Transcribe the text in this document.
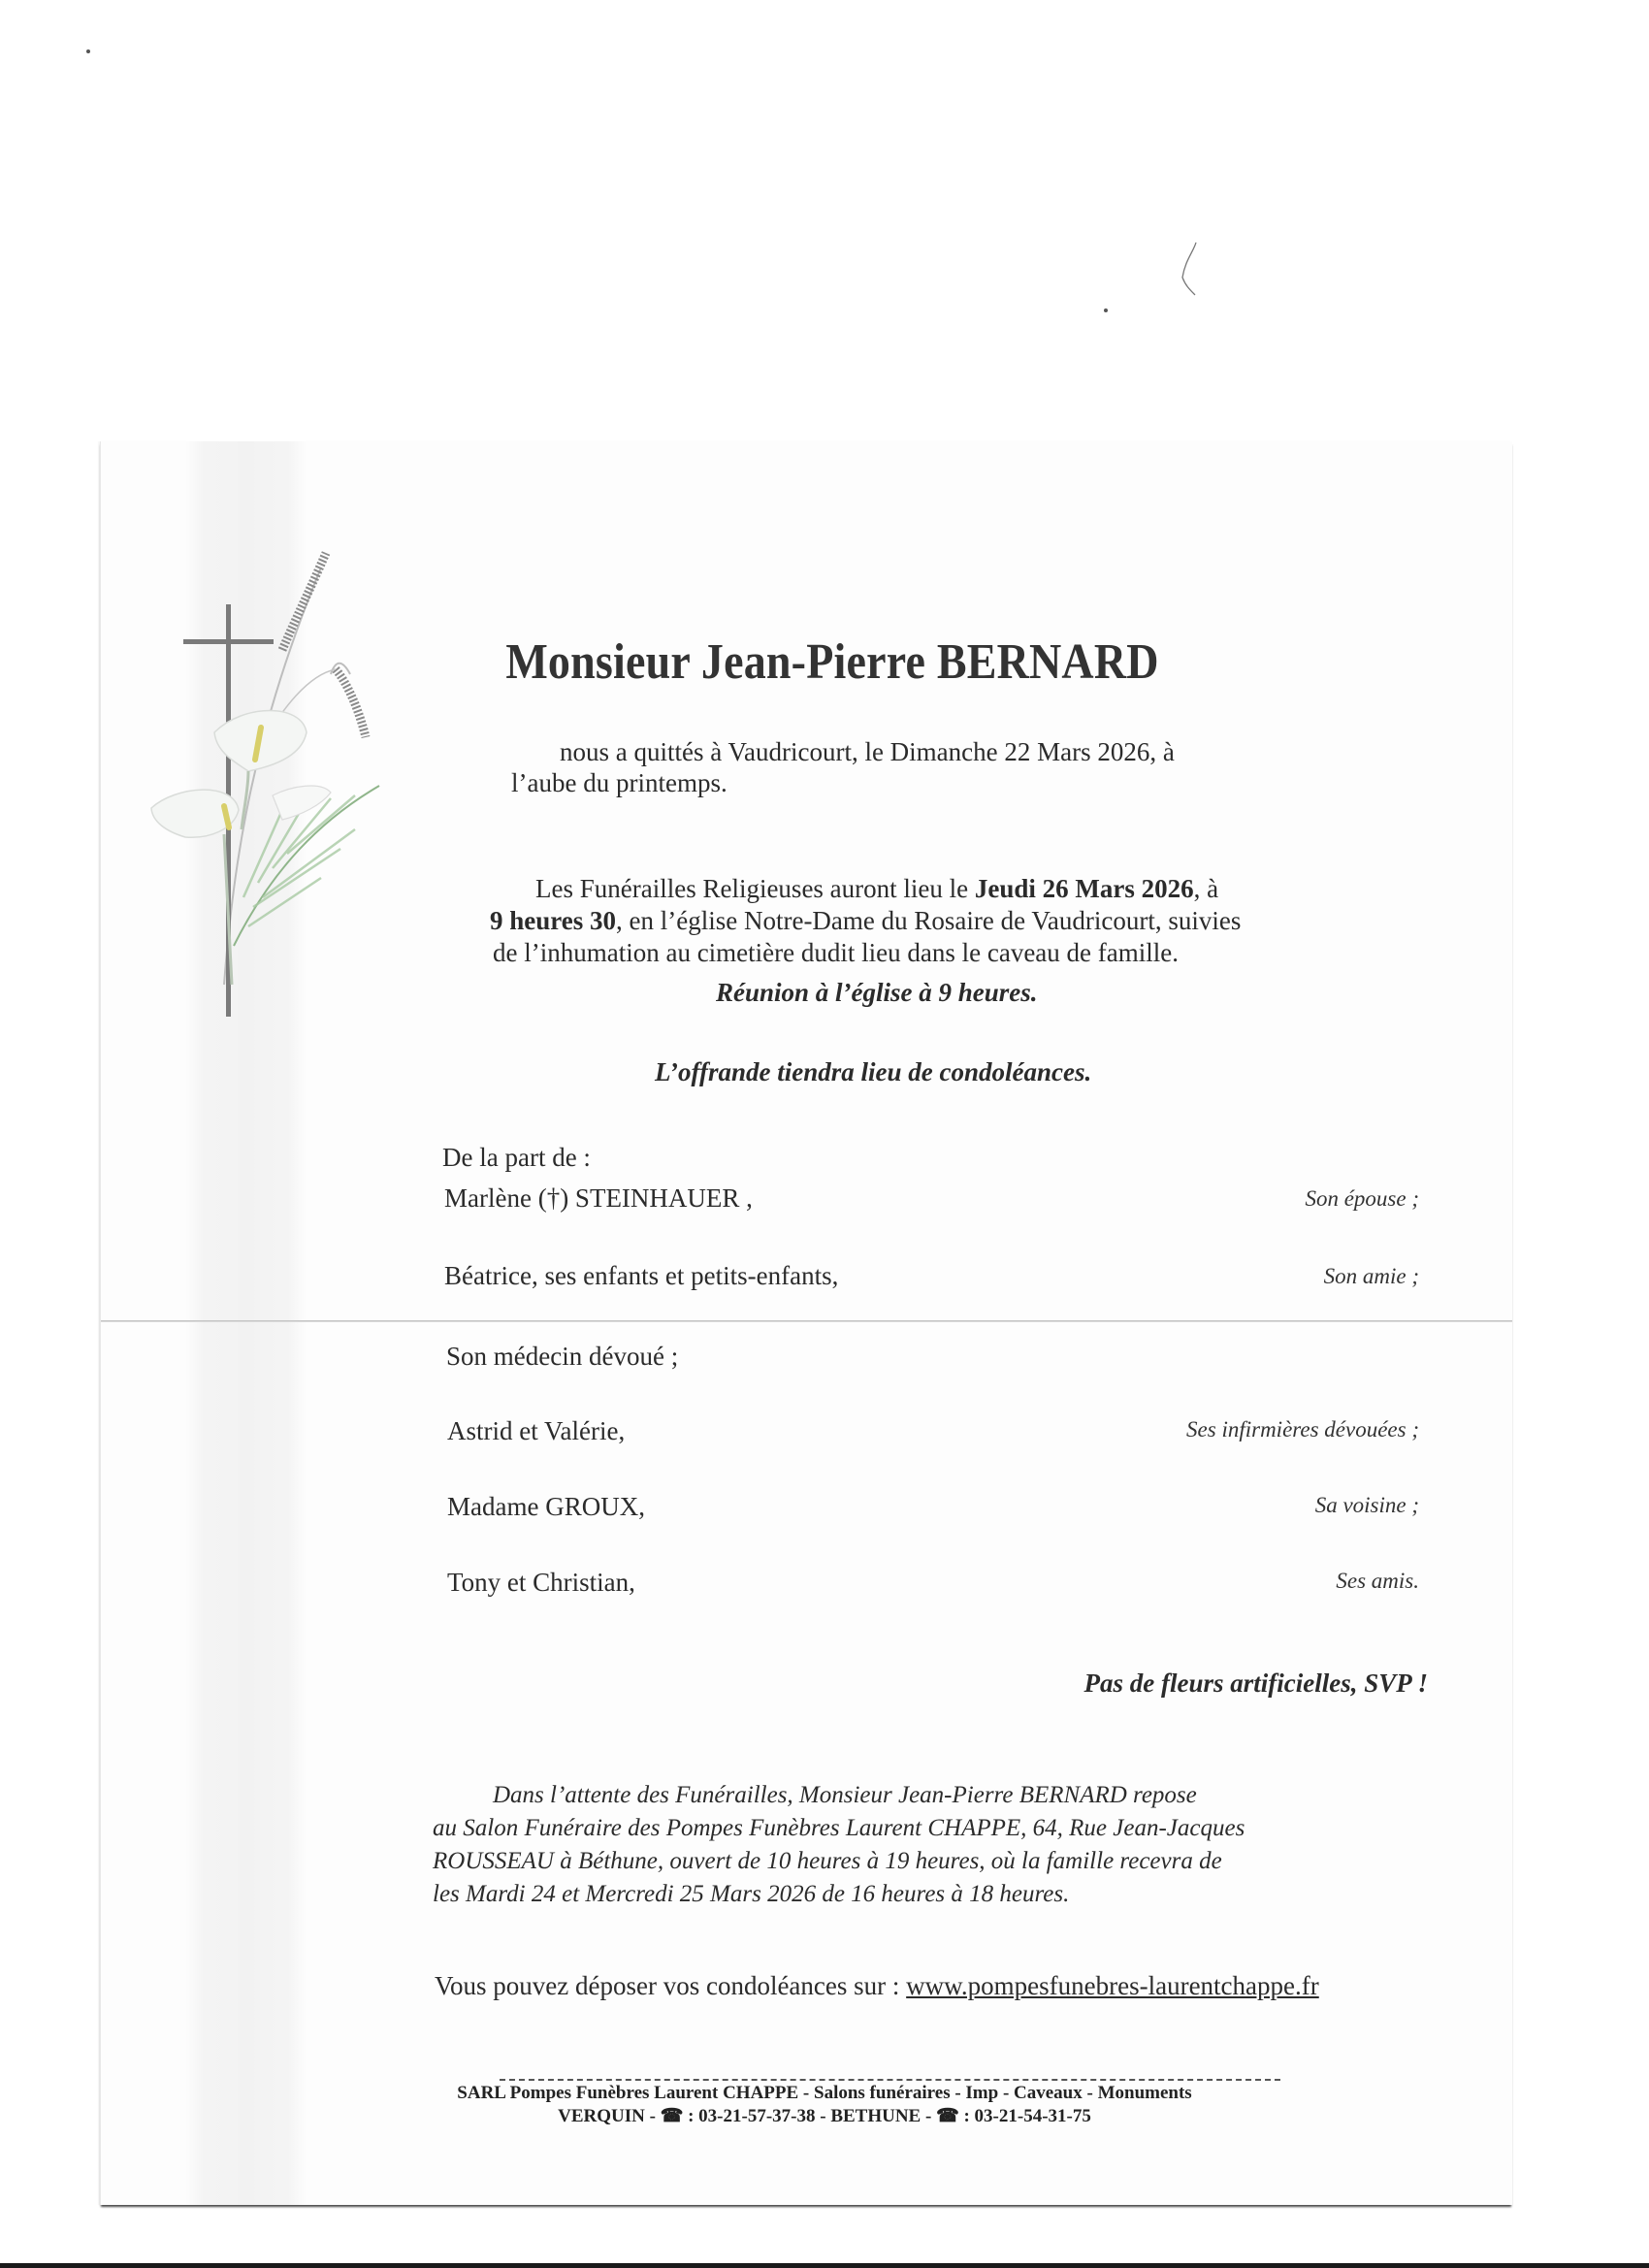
Monsieur Jean-Pierre BERNARD
nous a quittés à Vaudricourt, le Dimanche 22 Mars 2026, à
l’aube du printemps.
Les Funérailles Religieuses auront lieu le Jeudi 26 Mars 2026, à
9 heures 30, en l’église Notre-Dame du Rosaire de Vaudricourt, suivies
de l’inhumation au cimetière dudit lieu dans le caveau de famille.
Réunion à l’église à 9 heures.
L’offrande tiendra lieu de condoléances.
De la part de :
Marlène (†) STEINHAUER ,	Son épouse ;
Béatrice, ses enfants et petits-enfants,	Son amie ;
Son médecin dévoué ;
Astrid et Valérie,	Ses infirmières dévouées ;
Madame GROUX,	Sa voisine ;
Tony et Christian,	Ses amis.
Pas de fleurs artificielles, SVP !
Dans l’attente des Funérailles, Monsieur Jean-Pierre BERNARD repose
au Salon Funéraire des Pompes Funèbres Laurent CHAPPE, 64, Rue Jean-Jacques
ROUSSEAU à Béthune, ouvert de 10 heures à 19 heures, où la famille recevra de
les Mardi 24 et Mercredi 25 Mars 2026 de 16 heures à 18 heures.
Vous pouvez déposer vos condoléances sur : www.pompesfunebres-laurentchappe.fr
SARL Pompes Funèbres Laurent CHAPPE - Salons funéraires - Imp - Caveaux - Monuments
VERQUIN - ☎ : 03-21-57-37-38 - BETHUNE - ☎ : 03-21-54-31-75
